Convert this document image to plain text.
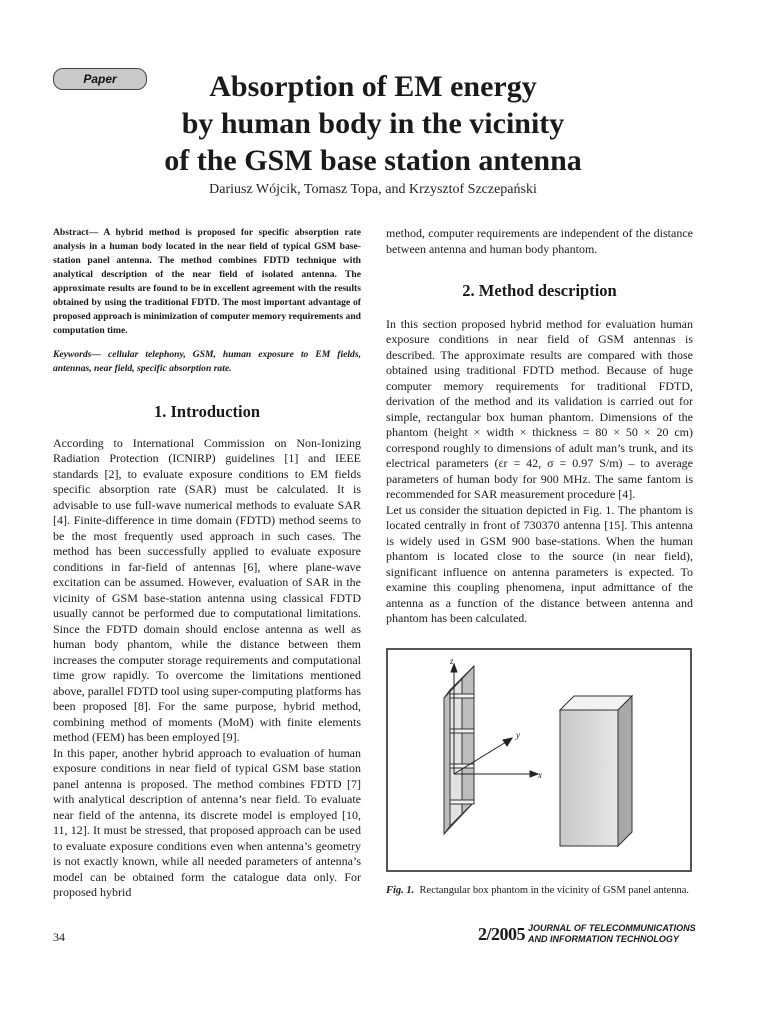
Paper	Absorption of EM energy
by human body in the vicinity
of the GSM base station antenna
Dariusz Wójcik, Tomasz Topa, and Krzysztof Szczepański

Abstract— A hybrid method is proposed for specific absorption rate analysis in a human body located in the near field of typical GSM base-station panel antenna. The method combines FDTD technique with analytical description of the near field of isolated antenna. The approximate results are found to be in excellent agreement with the results obtained by using the traditional FDTD. The most important advantage of proposed approach is minimization of computer memory requirements and computation time.

Keywords— cellular telephony, GSM, human exposure to EM fields, antennas, near field, specific absorption rate.

1. Introduction

According to International Commission on Non-Ionizing Radiation Protection (ICNIRP) guidelines [1] and IEEE standards [2], to evaluate exposure conditions to EM fields specific absorption rate (SAR) must be calculated. It is advisable to use full-wave numerical methods to evaluate SAR [4]. Finite-difference in time domain (FDTD) method seems to be the most frequently used approach in such cases. The method has been successfully applied to evaluate exposure conditions in far-field of antennas [6], where plane-wave excitation can be assumed. However, evaluation of SAR in the vicinity of GSM base-station antenna using classical FDTD usually cannot be performed due to computational limitations. Since the FDTD domain should enclose antenna as well as human body phantom, while the distance between them increases the computer storage requirements and computational time grow rapidly. To overcome the limitations mentioned above, parallel FDTD tool using super-computing platforms has been proposed [8]. For the same purpose, hybrid method, combining method of moments (MoM) with finite elements method (FEM) has been employed [9].

In this paper, another hybrid approach to evaluation of human exposure conditions in near field of typical GSM base station panel antenna is proposed. The method combines FDTD [7] with analytical description of antenna’s near field. To evaluate near field of the antenna, its discrete model is employed [10, 11, 12]. It must be stressed, that proposed approach can be used to evaluate exposure conditions even when antenna’s geometry is not exactly known, while all needed parameters of antenna’s model can be obtained form the catalogue data only. For proposed hybrid

method, computer requirements are independent of the distance between antenna and human body phantom.

2. Method description

In this section proposed hybrid method for evaluation human exposure conditions in near field of GSM antennas is described. The approximate results are compared with those obtained using traditional FDTD method. Because of huge computer memory requirements for traditional FDTD, derivation of the method and its validation is carried out for simple, rectangular box human phantom. Dimensions of the phantom (height × width × thickness = 80 × 50 × 20 cm) correspond roughly to dimensions of adult man’s trunk, and its electrical parameters (εr = 42, σ = 0.97 S/m) – to average parameters of human body for 900 MHz. The same fantom is recommended for SAR measurement procedure [4].

Let us consider the situation depicted in Fig. 1. The phantom is located centrally in front of 730370 antenna [15]. This antenna is widely used in GSM 900 base-stations. When the human phantom is located close to the source (in near field), significant influence on antenna parameters is expected. To examine this coupling phenomena, input admittance of the antenna as a function of the distance between antenna and phantom has been calculated.

z
y
x
Fig. 1. Rectangular box phantom in the vicinity of GSM panel antenna.
34	2/2005 JOURNAL OF TELECOMMUNICATIONS
AND INFORMATION TECHNOLOGY
